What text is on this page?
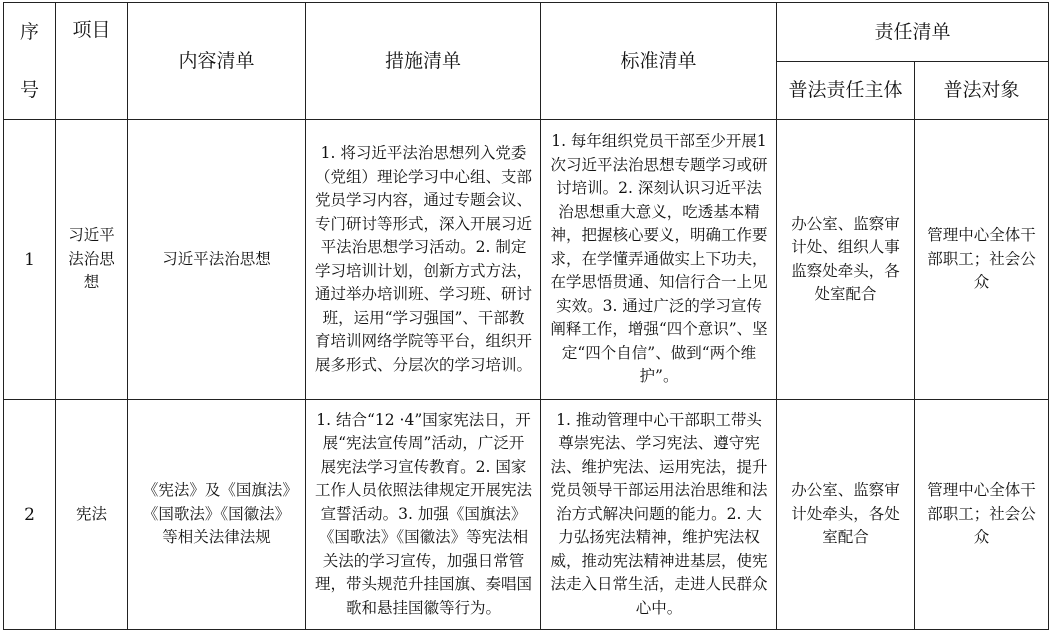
序
号	项目	内容清单	措施清单	标准清单	责任清单	
					普法责任主体	普法对象
1	习近平法治思想	习近平法治思想	1. 将习近平法治思想列入党委（党组）理论学习中心组、支部党员学习内容，通过专题会议、专门研讨等形式，深入开展习近平法治思想学习活动。2. 制定学习培训计划，创新方式方法，通过举办培训班、学习班、研讨班，运用“学习强国”、干部教育培训网络学院等平台，组织开展多形式、分层次的学习培训。	1. 每年组织党员干部至少开展1次习近平法治思想专题学习或研讨培训。2. 深刻认识习近平法治思想重大意义，吃透基本精神，把握核心要义，明确工作要求，在学懂弄通做实上下功夫，在学思悟贯通、知信行合一上见实效。3. 通过广泛的学习宣传阐释工作，增强“四个意识”、坚定“四个自信”、做到“两个维护”。	办公室、监察审计处、组织人事监察处牵头，各处室配合	管理中心全体干部职工；社会公众
2	宪法	《宪法》及《国旗法》《国歌法》《国徽法》等相关法律法规	1. 结合“12 ·4”国家宪法日，开展“宪法宣传周”活动，广泛开展宪法学习宣传教育。2. 国家工作人员依照法律规定开展宪法宣誓活动。3. 加强《国旗法》《国歌法》《国徽法》等宪法相关法的学习宣传，加强日常管理，带头规范升挂国旗、奏唱国歌和悬挂国徽等行为。	1. 推动管理中心干部职工带头尊崇宪法、学习宪法、遵守宪法、维护宪法、运用宪法，提升党员领导干部运用法治思维和法治方式解决问题的能力。2. 大力弘扬宪法精神，维护宪法权威，推动宪法精神进基层，使宪法走入日常生活，走进人民群众心中。	办公室、监察审计处牵头，各处室配合	管理中心全体干部职工；社会公众
